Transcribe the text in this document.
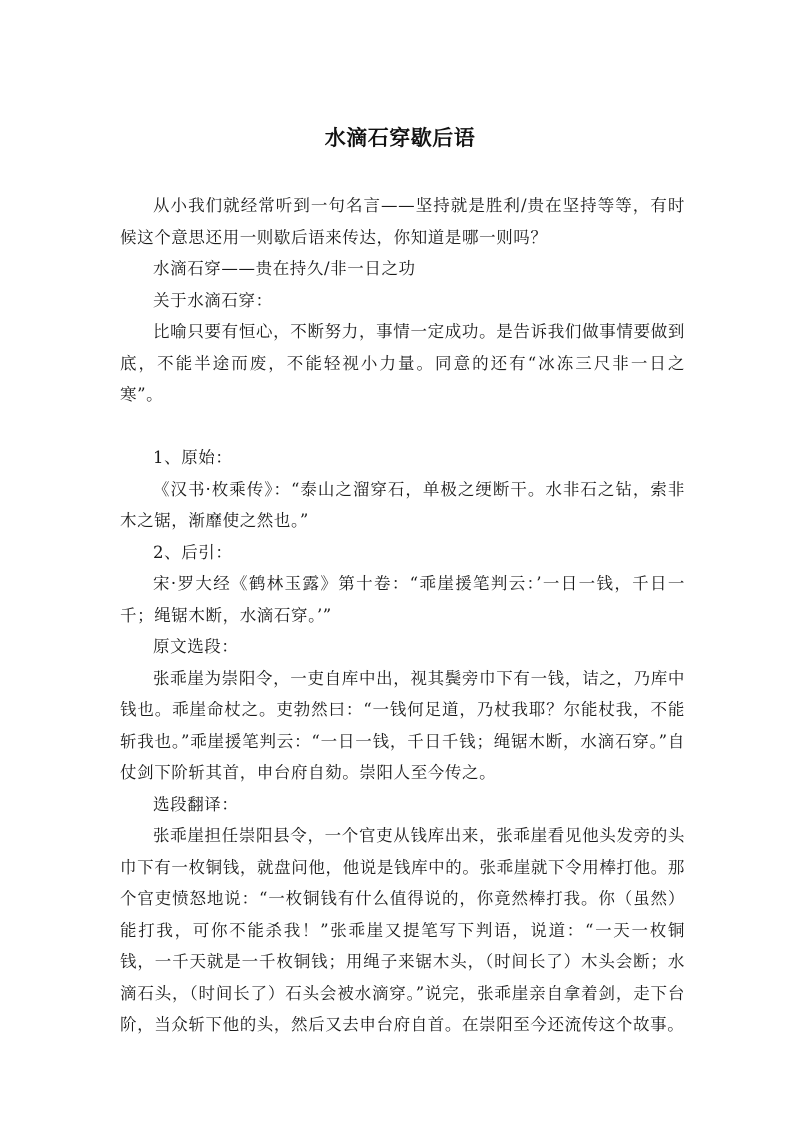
水滴石穿歇后语

从小我们就经常听到一句名言——坚持就是胜利/贵在坚持等等，有时候这个意思还用一则歇后语来传达，你知道是哪一则吗？

水滴石穿——贵在持久/非一日之功

关于水滴石穿：

比喻只要有恒心，不断努力，事情一定成功。是告诉我们做事情要做到底，不能半途而废，不能轻视小力量。同意的还有“冰冻三尺非一日之寒”。

1、原始：

《汉书·枚乘传》：“泰山之溜穿石，单极之绠断干。水非石之钻，索非木之锯，渐靡使之然也。”

2、后引：

宋·罗大经《鹤林玉露》第十卷：“乖崖援笔判云：’一日一钱，千日一千；绳锯木断，水滴石穿。’”

原文选段：

张乖崖为崇阳令，一吏自库中出，视其鬓旁巾下有一钱，诘之，乃库中钱也。乖崖命杖之。吏勃然曰：“一钱何足道，乃杖我耶？尔能杖我，不能斩我也。”乖崖援笔判云：“一日一钱，千日千钱；绳锯木断，水滴石穿。”自仗剑下阶斩其首，申台府自劾。崇阳人至今传之。

选段翻译：

张乖崖担任崇阳县令，一个官吏从钱库出来，张乖崖看见他头发旁的头巾下有一枚铜钱，就盘问他，他说是钱库中的。张乖崖就下令用棒打他。那个官吏愤怒地说：“一枚铜钱有什么值得说的，你竟然棒打我。你（虽然）能打我，可你不能杀我！”张乖崖又提笔写下判语，说道：“一天一枚铜钱，一千天就是一千枚铜钱；用绳子来锯木头，（时间长了）木头会断；水滴石头，（时间长了）石头会被水滴穿。”说完，张乖崖亲自拿着剑，走下台阶，当众斩下他的头，然后又去申台府自首。在崇阳至今还流传这个故事。
